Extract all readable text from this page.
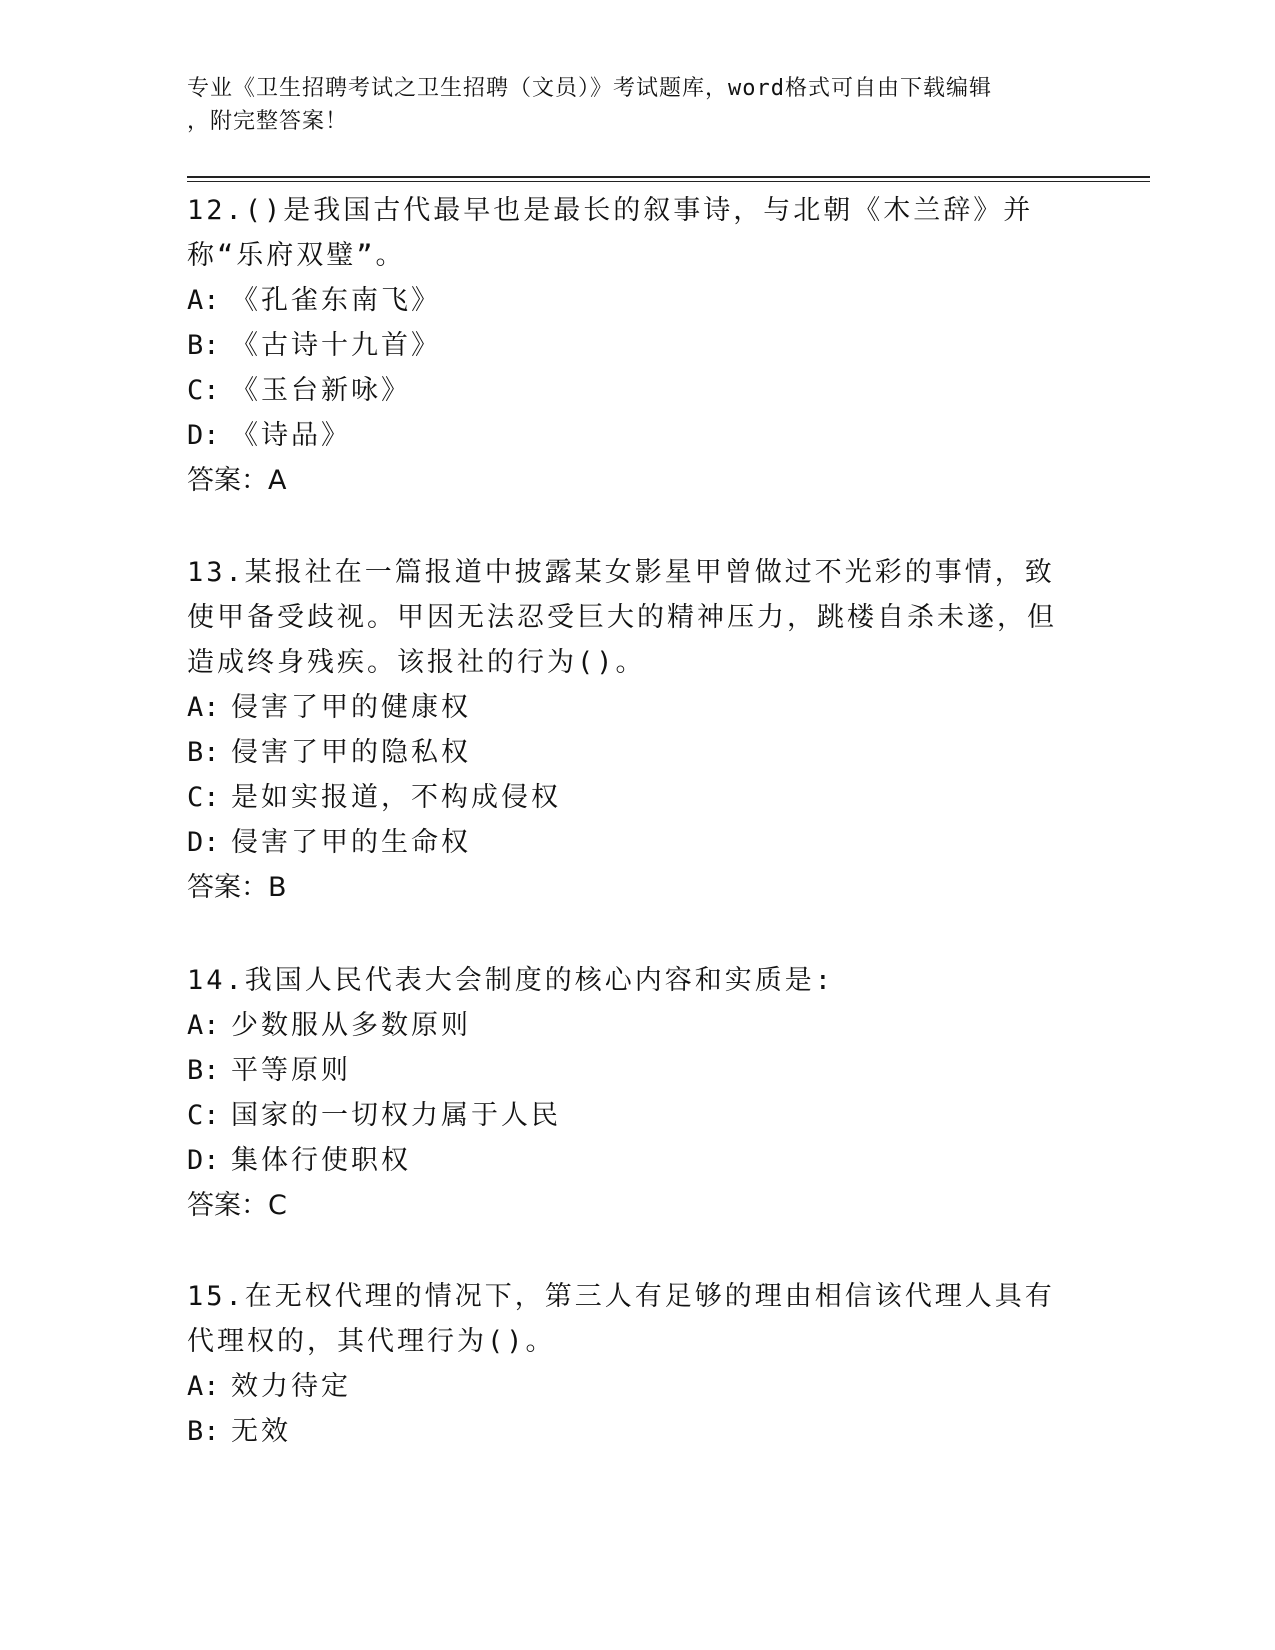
专业《卫生招聘考试之卫生招聘（文员）》考试题库，word格式可自由下载编辑
，附完整答案！

12.()是我国古代最早也是最长的叙事诗，与北朝《木兰辞》并称“乐府双璧”。

A: 《孔雀东南飞》

B: 《古诗十九首》

C: 《玉台新咏》

D: 《诗品》

答案：A

13.某报社在一篇报道中披露某女影星甲曾做过不光彩的事情，致使甲备受歧视。甲因无法忍受巨大的精神压力，跳楼自杀未遂，但造成终身残疾。该报社的行为()。

A: 侵害了甲的健康权

B: 侵害了甲的隐私权

C: 是如实报道，不构成侵权

D: 侵害了甲的生命权

答案：B

14.我国人民代表大会制度的核心内容和实质是:

A: 少数服从多数原则

B: 平等原则

C: 国家的一切权力属于人民

D: 集体行使职权

答案：C

15.在无权代理的情况下，第三人有足够的理由相信该代理人具有代理权的，其代理行为()。

A: 效力待定

B: 无效
